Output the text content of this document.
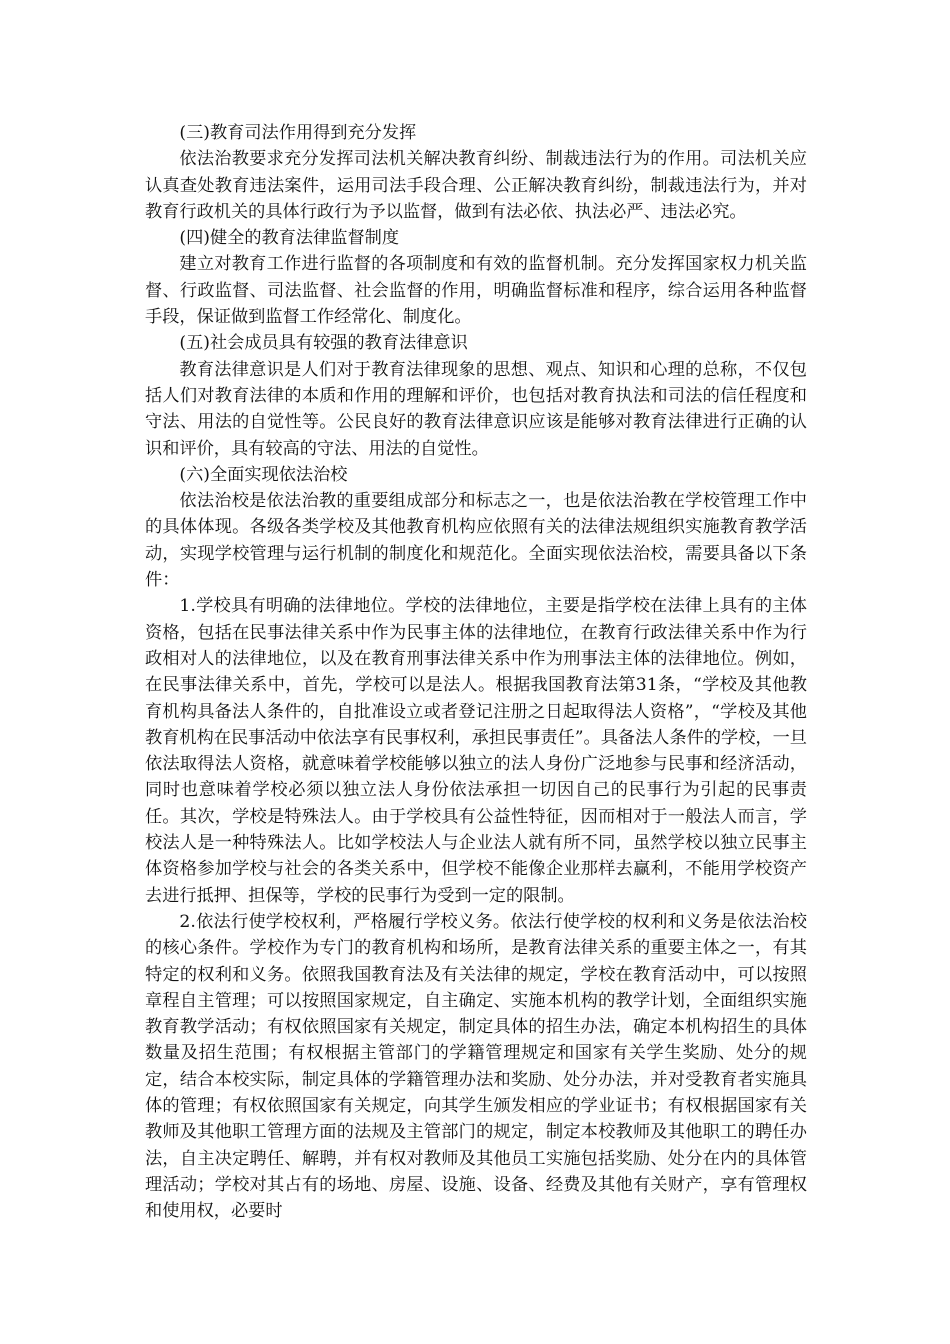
(三)教育司法作用得到充分发挥

依法治教要求充分发挥司法机关解决教育纠纷、制裁违法行为的作用。司法机关应认真查处教育违法案件，运用司法手段合理、公正解决教育纠纷，制裁违法行为，并对教育行政机关的具体行政行为予以监督，做到有法必依、执法必严、违法必究。

(四)健全的教育法律监督制度

建立对教育工作进行监督的各项制度和有效的监督机制。充分发挥国家权力机关监督、行政监督、司法监督、社会监督的作用，明确监督标准和程序，综合运用各种监督手段，保证做到监督工作经常化、制度化。

(五)社会成员具有较强的教育法律意识

教育法律意识是人们对于教育法律现象的思想、观点、知识和心理的总称，不仅包括人们对教育法律的本质和作用的理解和评价，也包括对教育执法和司法的信任程度和守法、用法的自觉性等。公民良好的教育法律意识应该是能够对教育法律进行正确的认识和评价，具有较高的守法、用法的自觉性。

(六)全面实现依法治校

依法治校是依法治教的重要组成部分和标志之一，也是依法治教在学校管理工作中的具体体现。各级各类学校及其他教育机构应依照有关的法律法规组织实施教育教学活动，实现学校管理与运行机制的制度化和规范化。全面实现依法治校，需要具备以下条件：

1.学校具有明确的法律地位。学校的法律地位，主要是指学校在法律上具有的主体资格，包括在民事法律关系中作为民事主体的法律地位，在教育行政法律关系中作为行政相对人的法律地位，以及在教育刑事法律关系中作为刑事法主体的法律地位。例如，在民事法律关系中，首先，学校可以是法人。根据我国教育法第31条，“学校及其他教育机构具备法人条件的，自批准设立或者登记注册之日起取得法人资格”，“学校及其他教育机构在民事活动中依法享有民事权利，承担民事责任”。具备法人条件的学校，一旦依法取得法人资格，就意味着学校能够以独立的法人身份广泛地参与民事和经济活动，同时也意味着学校必须以独立法人身份依法承担一切因自己的民事行为引起的民事责任。其次，学校是特殊法人。由于学校具有公益性特征，因而相对于一般法人而言，学校法人是一种特殊法人。比如学校法人与企业法人就有所不同，虽然学校以独立民事主体资格参加学校与社会的各类关系中，但学校不能像企业那样去赢利，不能用学校资产去进行抵押、担保等，学校的民事行为受到一定的限制。

2.依法行使学校权利，严格履行学校义务。依法行使学校的权利和义务是依法治校的核心条件。学校作为专门的教育机构和场所，是教育法律关系的重要主体之一，有其特定的权利和义务。依照我国教育法及有关法律的规定，学校在教育活动中，可以按照章程自主管理；可以按照国家规定，自主确定、实施本机构的教学计划，全面组织实施教育教学活动；有权依照国家有关规定，制定具体的招生办法，确定本机构招生的具体数量及招生范围；有权根据主管部门的学籍管理规定和国家有关学生奖励、处分的规定，结合本校实际，制定具体的学籍管理办法和奖励、处分办法，并对受教育者实施具体的管理；有权依照国家有关规定，向其学生颁发相应的学业证书；有权根据国家有关教师及其他职工管理方面的法规及主管部门的规定，制定本校教师及其他职工的聘任办法，自主决定聘任、解聘，并有权对教师及其他员工实施包括奖励、处分在内的具体管理活动；学校对其占有的场地、房屋、设施、设备、经费及其他有关财产，享有管理权和使用权，必要时
